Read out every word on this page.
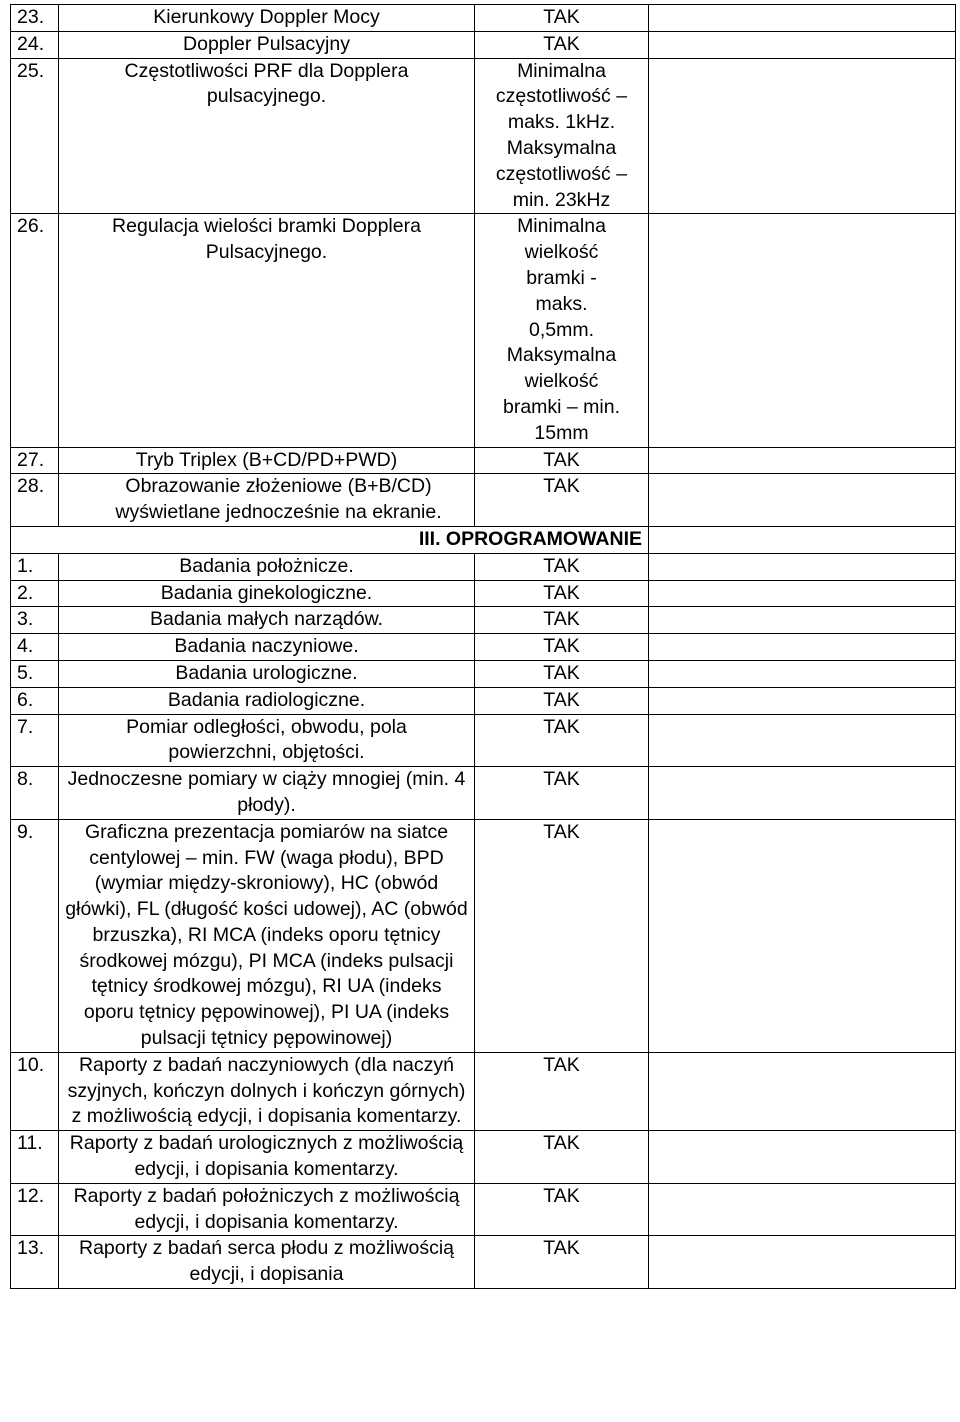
23.	Kierunkowy Doppler Mocy	TAK	
24.	Doppler Pulsacyjny	TAK	
25.	Częstotliwości PRF dla Dopplera pulsacyjnego.	Minimalna częstotliwość – maks. 1kHz. Maksymalna częstotliwość – min. 23kHz	
26.	Regulacja wielości bramki Dopplera Pulsacyjnego.	Minimalna wielkość bramki - maks. 0,5mm. Maksymalna wielkość bramki – min. 15mm	
27.	Tryb Triplex (B+CD/PD+PWD)	TAK	
28.	Obrazowanie złożeniowe (B+B/CD) wyświetlane jednocześnie na ekranie.	TAK	
III. OPROGRAMOWANIE			
1.	Badania położnicze.	TAK	
2.	Badania ginekologiczne.	TAK	
3.	Badania małych narządów.	TAK	
4.	Badania naczyniowe.	TAK	
5.	Badania urologiczne.	TAK	
6.	Badania radiologiczne.	TAK	
7.	Pomiar odległości, obwodu, pola powierzchni, objętości.	TAK	
8.	Jednoczesne pomiary w ciąży mnogiej (min. 4 płody).	TAK	
9.	Graficzna prezentacja pomiarów na siatce centylowej – min. FW (waga płodu), BPD (wymiar między-skroniowy), HC (obwód główki), FL (długość kości udowej), AC (obwód brzuszka), RI MCA (indeks oporu tętnicy środkowej mózgu), PI MCA (indeks pulsacji tętnicy środkowej mózgu), RI UA (indeks oporu tętnicy pępowinowej), PI UA (indeks pulsacji tętnicy pępowinowej)	TAK	
10.	Raporty z badań naczyniowych (dla naczyń szyjnych, kończyn dolnych i kończyn górnych) z możliwością edycji, i dopisania komentarzy.	TAK	
11.	Raporty z badań urologicznych z możliwością edycji, i dopisania komentarzy.	TAK	
12.	Raporty z badań położniczych z możliwością edycji, i dopisania komentarzy.	TAK	
13.	Raporty z badań serca płodu z możliwością edycji, i dopisania	TAK	
